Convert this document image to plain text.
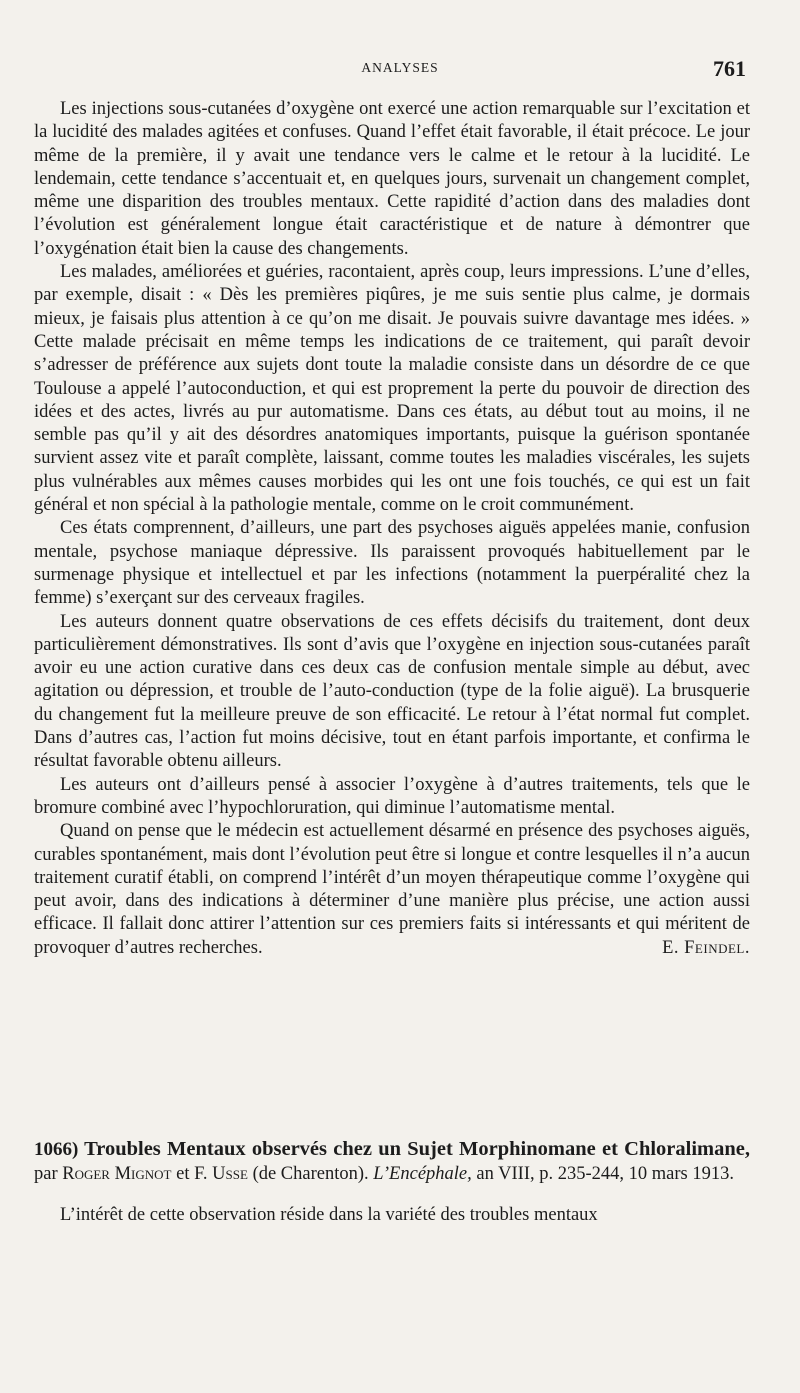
ANALYSES	761

Les injections sous-cutanées d’oxygène ont exercé une action remarquable sur l’excitation et la lucidité des malades agitées et confuses. Quand l’effet était favorable, il était précoce. Le jour même de la première, il y avait une tendance vers le calme et le retour à la lucidité. Le lendemain, cette tendance s’accentuait et, en quelques jours, survenait un changement complet, même une disparition des troubles mentaux. Cette rapidité d’action dans des maladies dont l’évolution est généralement longue était caractéristique et de nature à démontrer que l’oxygénation était bien la cause des changements.

Les malades, améliorées et guéries, racontaient, après coup, leurs impressions. L’une d’elles, par exemple, disait : « Dès les premières piqûres, je me suis sentie plus calme, je dormais mieux, je faisais plus attention à ce qu’on me disait. Je pouvais suivre davantage mes idées. » Cette malade précisait en même temps les indications de ce traitement, qui paraît devoir s’adresser de préférence aux sujets dont toute la maladie consiste dans un désordre de ce que Toulouse a appelé l’autoconduction, et qui est proprement la perte du pouvoir de direction des idées et des actes, livrés au pur automatisme. Dans ces états, au début tout au moins, il ne semble pas qu’il y ait des désordres anatomiques importants, puisque la guérison spontanée survient assez vite et paraît complète, laissant, comme toutes les maladies viscérales, les sujets plus vulnérables aux mêmes causes morbides qui les ont une fois touchés, ce qui est un fait général et non spécial à la pathologie mentale, comme on le croit communément.

Ces états comprennent, d’ailleurs, une part des psychoses aiguës appelées manie, confusion mentale, psychose maniaque dépressive. Ils paraissent provoqués habituellement par le surmenage physique et intellectuel et par les infections (notamment la puerpéralité chez la femme) s’exerçant sur des cerveaux fragiles.

Les auteurs donnent quatre observations de ces effets décisifs du traitement, dont deux particulièrement démonstratives. Ils sont d’avis que l’oxygène en injection sous-cutanées paraît avoir eu une action curative dans ces deux cas de confusion mentale simple au début, avec agitation ou dépression, et trouble de l’auto-conduction (type de la folie aiguë). La brusquerie du changement fut la meilleure preuve de son efficacité. Le retour à l’état normal fut complet. Dans d’autres cas, l’action fut moins décisive, tout en étant parfois importante, et confirma le résultat favorable obtenu ailleurs.

Les auteurs ont d’ailleurs pensé à associer l’oxygène à d’autres traitements, tels que le bromure combiné avec l’hypochloruration, qui diminue l’automatisme mental.

Quand on pense que le médecin est actuellement désarmé en présence des psychoses aiguës, curables spontanément, mais dont l’évolution peut être si longue et contre lesquelles il n’a aucun traitement curatif établi, on comprend l’intérêt d’un moyen thérapeutique comme l’oxygène qui peut avoir, dans des indications à déterminer d’une manière plus précise, une action aussi efficace. Il fallait donc attirer l’attention sur ces premiers faits si intéressants et qui méritent de provoquer d’autres recherches.	E. Feindel.

1066) Troubles Mentaux observés chez un Sujet Morphinomane et Chloralimane, par Roger Mignot et F. Usse (de Charenton). L’Encéphale, an VIII, p. 235-244, 10 mars 1913.

L’intérêt de cette observation réside dans la variété des troubles mentaux
